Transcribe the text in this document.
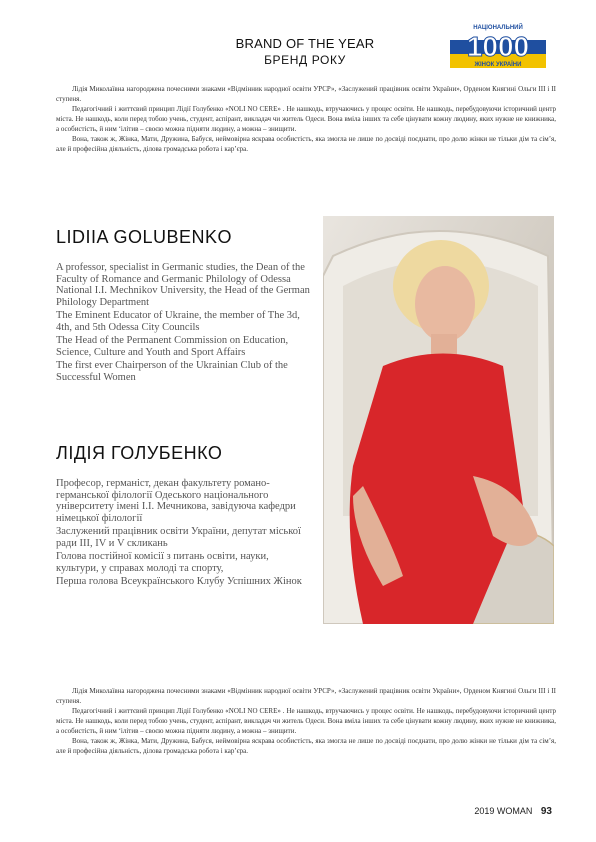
BRAND OF THE YEAR
БРЕНД РОКУ
НАЦІОНАЛЬНИЙ
1000
ЖІНОК УКРАЇНИ

Лідія Миколаївна нагороджена почесними знаками «Відмінник народної освіти УРСР», «Заслужений працівник освіти України», Орденом Княгині Ольги III і II ступеня.

Педагогічний і життєвий принцип Лідії Голубенко «NOLI NO CERE» . Не нашкодь, втручаючись у процес освіти. Не нашкодь, перебудовуючи історичний центр міста. Не нашкодь, коли перед тобою учень, студент, аспірант, викладач чи житель Одеси. Вона вміла інших та себе цінувати кожну людину, яких нужне не книжника, а особистість, й ним ‘ілітив – своєю можна підняти людину, а можна – знищити.

Вона, також ж, Жінка, Мати, Дружина, Бабуся, неймовірна яскрава особистість, яка змогла не лише по досвіді поєднати, про долю жінки не тільки дім та сім’я, але й професійна діяльність, ділова громадська робота і кар’єра.

LIDIIA GOLUBENKO

A professor, specialist in Germanic studies, the Dean of the Faculty of Romance and Germanic Philology of Odessa National I.I. Mechnikov University, the Head of the German Philology Department

The Eminent Educator of Ukraine, the member of The 3d, 4th, and 5th Odessa City Councils

The Head of the Permanent Commission on Education, Science, Culture and Youth and Sport Affairs

The first ever Chairperson of the Ukrainian Club of the Successful Women

ЛІДІЯ ГОЛУБЕНКО

Професор, германіст, декан факультету романо-германської філології Одеського національного університету імені І.І. Мечникова, завідуюча кафедри німецької філології

Заслужений працівник освіти України, депутат міської ради III, IV и V скликань

Голова постійної комісії з питань освіти, науки, культури, у справах молоді та спорту,

Перша голова Всеукраїнського Клубу Успішних Жінок

Лідія Миколаївна нагороджена почесними знаками «Відмінник народної освіти УРСР», «Заслужений працівник освіти України», Орденом Княгині Ольги III і II ступеня.

Педагогічний і життєвий принцип Лідії Голубенко «NOLI NO CERE» . Не нашкодь, втручаючись у процес освіти. Не нашкодь, перебудовуючи історичний центр міста. Не нашкодь, коли перед тобою учень, студент, аспірант, викладач чи житель Одеси. Вона вміла інших та себе цінувати кожну людину, яких нужне не книжника, а особистість, й ним ‘ілітив – своєю можна підняти людину, а можна – знищити.

Вона, також ж, Жінка, Мати, Дружина, Бабуся, неймовірна яскрава особистість, яка змогла не лише по досвіді поєднати, про долю жінки не тільки дім та сім’я, але й професійна діяльність, ділова громадська робота і кар’єра.

2019 WOMAN 93
